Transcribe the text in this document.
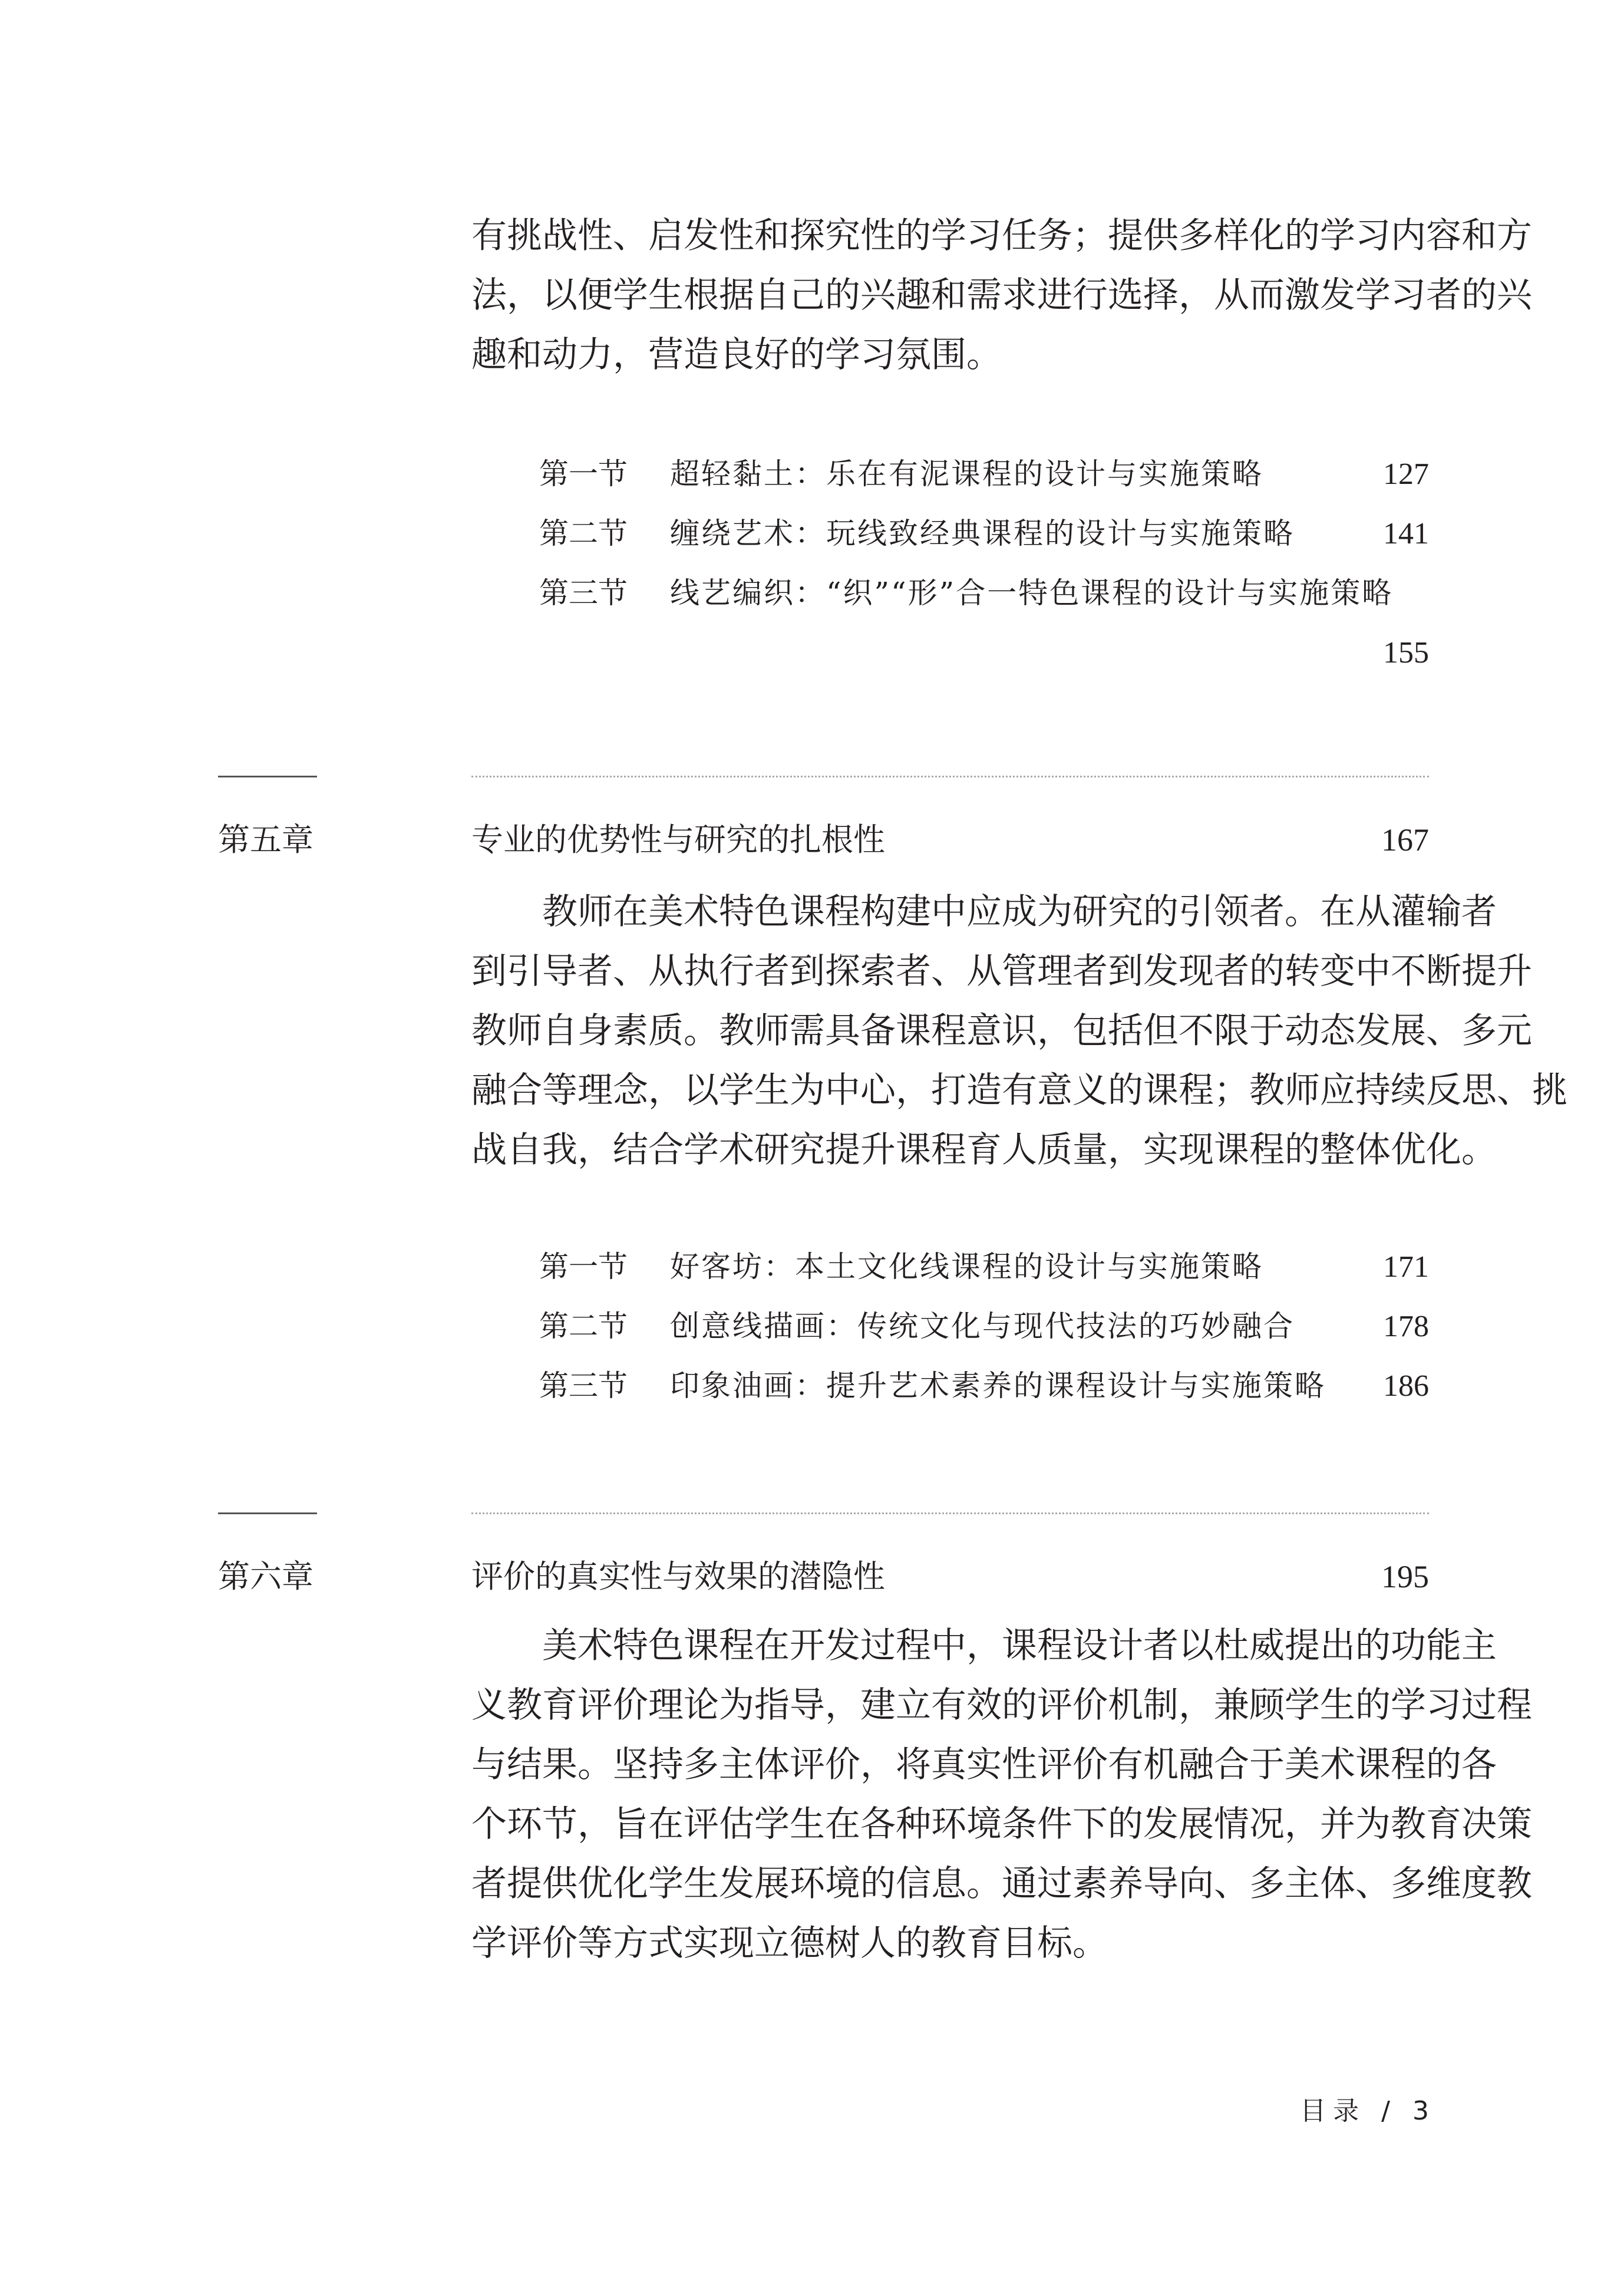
有挑战性、启发性和探究性的学习任务；提供多样化的学习内容和方
法，以便学生根据自己的兴趣和需求进行选择，从而激发学习者的兴
趣和动力，营造良好的学习氛围。
第一节	超轻黏土：乐在有泥课程的设计与实施策略	127
第二节	缠绕艺术：玩线致经典课程的设计与实施策略	141
第三节	线艺编织：“织”“形”合一特色课程的设计与实施策略
155
第五章	专业的优势性与研究的扎根性	167
教师在美术特色课程构建中应成为研究的引领者。在从灌输者
到引导者、从执行者到探索者、从管理者到发现者的转变中不断提升
教师自身素质。教师需具备课程意识，包括但不限于动态发展、多元
融合等理念，以学生为中心，打造有意义的课程；教师应持续反思、挑
战自我，结合学术研究提升课程育人质量，实现课程的整体优化。
第一节	好客坊：本土文化线课程的设计与实施策略	171
第二节	创意线描画：传统文化与现代技法的巧妙融合	178
第三节	印象油画：提升艺术素养的课程设计与实施策略	186
第六章	评价的真实性与效果的潜隐性	195
美术特色课程在开发过程中，课程设计者以杜威提出的功能主
义教育评价理论为指导，建立有效的评价机制，兼顾学生的学习过程
与结果。坚持多主体评价，将真实性评价有机融合于美术课程的各
个环节，旨在评估学生在各种环境条件下的发展情况，并为教育决策
者提供优化学生发展环境的信息。通过素养导向、多主体、多维度教
学评价等方式实现立德树人的教育目标。
目录 / 3
